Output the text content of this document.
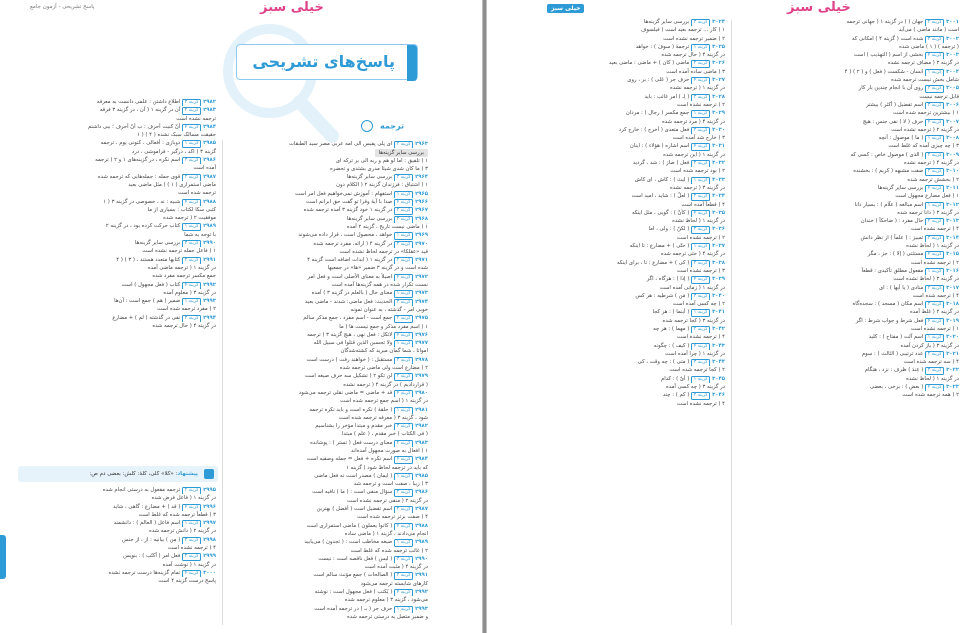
خیلی سبز
پاسخ تشریحی - آزمون جامع
پاسخ‌های تشریحی
ترجمه
۲۹۶۳گزینه ۲ای پلی پفیس الی امه عربی مصر سید الطبقات
بررسی سایر گزینه‌ها
۱ ( تلفیق : اما لو هم و ربه الی بر ترکه ای
۳ ( ما کان شدی شیئا مدری بشتدی و تحضره
۲۹۶۴گزینه ۳بررسی سایر گزینه‌ها
۱ ( اشتیاق : فرزندان گزینه ۲ ( الکلام دون
۲۹۶۵گزینه ۱استفهام : آموزش نمی‌خواهیم فعل امر است
۲۹۶۶گزینه ۴صدا با آیهٔ وقرا تو گفت حق ابرانم است
۲۹۶۷گزینه ۲در گزینه ۱ خود گزینه ۳ آمده ترجمه شده
۲۹۶۸گزینه ۳بررسی سایر گزینه‌ها
۱ ( ماضی نیست تاریخ ، گزینه ۲ آمده
۲۹۶۹گزینه ۱خواهد ، محصول است ، قرار داده می‌شوند
۲۹۷۰گزینه ۳در گزینه ۴ ( ارائه، مفرد ترجمه شده
قید «عقلکا» در ترجمه لحاظ نشده است
۲۹۷۱گزینه ۲در گزینه ۱ ( ابدات اضافه است گزینه ۴
شده است و در گزینه ۳ ضمیر «ها» در جمعیها
۲۹۷۲گزینه ۴اصیلاً به معنای الأصلی است و فعل امر
نسبت تکرار شده در همه گزینه‌ها آمده است
۲۹۷۳گزینه ۱معنای حال ( بالعلم در گزینه ۳ ) آمده
۲۹۷۴گزینه ۳الحدیث: فعل ماضی: شدند - ماضی بعید
خوبی امر - گذشته ، به عنوان نمونه
۲۹۷۵گزینه ۲جمع است - اسم مفرد ، جمع مذکر سالم
۱ ( اسم مفرد مذکر و جمع نیست ها ( ما
۲۹۷۶گزینه ۴لاتکل : فعل نهی ، هیچ گزینه ۳ ( ترجمه
۲۹۷۷گزینه ۱ولا تحسبن الذین قتلوا فی سبیل الله
امواتا ، شما گمان مبرید که کشته‌شدگان
۲۹۷۸گزینه ۳مستقبل : ( خواهند رفت ) درست است
۲ ( مضارع است ولی ماضی ترجمه شده
۲۹۷۹گزینه ۲لن تکو ۲ ( تشکیل سه حرف صیغه است
( قراردادیم ) در گزینه ۴ ( ترجمه نشده
۲۹۸۰گزینه ۴قد + ماضی = ماضی نقلی ترجمه می‌شود
در گزینه ۱ ( اسم جمع ترجمه شده است
۲۹۸۱گزینه ۱( حلقهٔ ) نکره است و باید نکره ترجمه
شود ، گزینه ۳ ( معرفه ترجمه شده است
۲۹۸۲گزینه ۳خبر مقدم و مبتدا مؤخر را بشناسیم
( فی الکتاب ) خبر مقدم ، ( علم ) مبتدا
۲۹۸۳گزینه ۲معنای درست فعل ( تستر ) : پوشانده
۱ ( افعال به صورت مجهول آمده‌اند
۲۹۸۴گزینه ۴اسم نکره + فعل = جمله وصفیه است
که باید در ترجمه لحاظ شود ( گزینه ۱
۲۹۸۵گزینه ۱( ایمان ) مصدر است نه فعل ماضی
۳ ( زیبا ، صفت است و ترجمه شد
۲۹۸۶گزینه ۳سؤال منفی است : ( ما ) نافیه است
در گزینه ۲ ( منفی ترجمه نشده است
۲۹۸۷گزینه ۲اسم تفضیل است ( أفضل ) بهترین
۴ ( صفت برتر ترجمه شده است
۲۹۸۸گزینه ۴( کانوا یعملون ) ماضی استمراری است
انجام می‌دادند ، گزینه ۱ ( ماضی ساده
۲۹۸۹گزینه ۱صیغه مخاطب است : ( تجدون ) می‌یابید
۲ ( غائب ترجمه شده که غلط است
۲۹۹۰گزینه ۳( لیس ) فعل ناقصه است : نیست
در گزینه ۴ ( مثبت آمده است
۲۹۹۱گزینه ۲( الصالحات ) جمع مؤنث سالم است
کارهای شایسته ترجمه می‌شود
۲۹۹۲گزینه ۴( یُکتب ) فعل مجهول است : نوشته
می‌شود ، گزینه ۳ ( معلوم ترجمه شده
۲۹۹۳گزینه ۱حرف جر ( بـ ) در ترجمه آمده است
و ضمیر متصل به درستی ترجمه شده
۲۹۸۲گزینه ۳اطلاع داشتن : علمی دانست به معرفه
۲۹۸۳گزینه ۲آن در گزینه ۱ ( آن ، در گزینه ۳ فرقه
ترجمه نشده است
۲۹۸۴گزینه ۴أنّ کنیت أحرف : ب أنّ أحرف ؛ ببی داشتم
حقیقت مسالک سبک نشده ( ۴ ) ( ۱
۲۹۸۵گزینه ۱دوبازی : أفعالی ، کنونی یوم ، ترجمه
گزینه ۳ ( اکد ، درگیر - فراموشی ، درد
۲۹۸۶گزینه ۳اسم نکره ، در گزینه‌های ۱ و ۲ ( ترجمه
آمده است
۲۹۸۷گزینه ۲قوی جمله : جمله‌هایی که ترجمه شده
ماضی استمراری ( ۱ ) ( مثل ماضی بعید
ترجمه شده است
۲۹۸۸گزینه ۴شبیه : نه ، خصوصی در گزینه ۳ ( ۱
کتبی سکا لکتاب : بسیاری از ما
موفقیت ۲ ( ترجمه شده
۲۹۸۹گزینه ۱کتاب حرکت کرده بود ، در گزینه ۲
با توجه به شما
۲۹۹۰گزینه ۳بررسی سایر گزینه‌ها
۱ ( فاعل جمله ترجمه نشده است
۲۹۹۱گزینه ۲کتابها متعدد هستند ، ( ۳ ) ( ۴
در گزینه ۱ ( ترجمه ماضی آمده
جمع مکسر ترجمه مفرد شده
۲۹۹۲گزینه ۴کتاب ( فعل مجهول ) است
در گزینه ۳ ( معلوم آمده
۲۹۹۳گزینه ۱ضمیر ( هم ) جمع است : آن‌ها
۲ ( مفرد ترجمه شده است
۲۹۹۴گزینه ۳نفی در گذشته ( لم ) + مضارع
در گزینه ۴ ( حال ترجمه شده
پیشنهاد: «کلا» کلی، کلهٔ: کلش: بعضی دم ص:
۲۹۹۵گزینه ۲ترجمه مفعول به درستی انجام شده
در گزینه ۱ ( فاعل فرض شده
۲۹۹۶گزینه ۴( قد ) + مضارع : گاهی ، شاید
۳ ( قطعاً ترجمه شده که غلط است
۲۹۹۷گزینه ۱اسم فاعل ( العالم ) : دانشمند
در گزینه ۲ ( دانش ترجمه شده
۲۹۹۸گزینه ۳( مِن ) بیانیه : از ، از جنس
۴ ( ترجمه نشده است
۲۹۹۹گزینه ۲فعل امر ( اُکتُب ) : بنویس
در گزینه ۱ ( نوشت آمده
۳۰۰۰گزینه ۴تمام گزینه‌ها درست ترجمه نشده
پاسخ درست گزینه ۴ است
خیلی سبز	خیلی سبز
۳۰۰۱گزینه ۲جهان ( ) در گزینه ۱ ( جهانی ترجمه
است ( مانند ماضی ) می‌آید
۳۰۰۲گزینه ۳شده است ( گزینه ۴ ) امکانی که
( ترجمه ) ( ۱ ) ماضی شده
۳۰۰۳گزینه ۴بخشی از اسم ( التهذیب ) است
در گزینه ۳ ( مضاف ترجمه نشده
۳۰۰۴گزینه ۱انسان - شکست ( فعل ) و ( ۲ ) ( ۴
شامل بخش نیست ترجمه شده
۳۰۰۵گزینه ۲روی آن با انجام چندین بار کار
قابل ترجمه نیست
۳۰۰۶گزینه ۳اسم تفضیل ( أکثر ) بیشتر
۱ ( بیشترین ترجمه شده است
۳۰۰۷گزینه ۴حرف ( لا ) نفی جنس : هیچ
در گزینه ۲ ( ترجمه نشده است
۳۰۰۸گزینه ۱( ما ) موصول : آنچه
۳ ( چه چیزی آمده که غلط است
۳۰۰۹گزینه ۲( الذی ) موصول خاص : کسی که
در گزینه ۴ ( ترجمه نشده
۳۰۱۰گزینه ۳صفت مشبهه ( کریم ) : بخشنده
۲ ( بخشش ترجمه شده
۳۰۱۱گزینه ۴بررسی سایر گزینه‌ها
۱ ( فعل مضارع مجهول است
۳۰۱۲گزینه ۱اسم مبالغه ( علّام ) : بسیار دانا
در گزینه ۳ ( دانا ترجمه شده
۳۰۱۳گزینه ۲حال مفرد : ( ضاحکاً ) خندان
۴ ( ترجمه نشده است
۳۰۱۴گزینه ۳تمییز : ( علماً ) از نظر دانش
در گزینه ۱ ( لحاظ نشده
۳۰۱۵گزینه ۴مستثنی ( إلا ) : جز ، مگر
۲ ( ترجمه نشده است
۳۰۱۶گزینه ۱مفعول مطلق تأکیدی : قطعاً
در گزینه ۳ ( لحاظ نشده است
۳۰۱۷گزینه ۲منادی ( یا أیها ) : ای
۴ ( ترجمه شده است
۳۰۱۸گزینه ۳اسم مکان ( مسجد ) : سجده‌گاه
در گزینه ۲ ( غلط آمده
۳۰۱۹گزینه ۴فعل شرط و جواب شرط : اگر
۱ ( ترجمه نشده است
۳۰۲۰گزینه ۱اسم آلت ( مفتاح ) : کلید
در گزینه ۳ ( باز کردن آمده
۳۰۲۱گزینه ۲عدد ترتیبی ( الثالث ) : سوم
۴ ( سه ترجمه شده است
۳۰۲۲گزینه ۳( عِندَ ) ظرف : نزد ، هنگام
در گزینه ۱ ( لحاظ نشده
۳۰۲۳گزینه ۴( بعض ) : برخی ، بعضی
۲ ( همه ترجمه شده است
۳۰۲۴گزینه ۳بررسی سایر گزینه‌ها
۱ ( کار ... ترجمه بعید است ( فیلسوف
۲ ( ضمیر ترجمه نشده است
۳۰۲۵گزینه ۱ترجمهٔ ( سوفَ ) : خواهد
در گزینه ۴ ( حال ترجمه شده
۳۰۲۶گزینه ۲ماضی ( کان ) + ماضی : ماضی بعید
۳ ( ماضی ساده آمده است
۳۰۲۷گزینه ۴حرف جر ( عَلی ) : بر ، روی
در گزینه ۱ ( ترجمه نشده
۳۰۲۸گزینه ۳( لِـ ) امر غائب : باید
۲ ( ترجمه نشده است
۳۰۲۹گزینه ۱جمع مکسر ( رجال ) : مردان
در گزینه ۴ ( مرد ترجمه شده
۳۰۳۰گزینه ۲فعل متعدی ( أخرج ) : خارج کرد
۳ ( خارج شد آمده است
۳۰۳۱گزینه ۴اسم اشاره ( هؤلاء ) : اینان
در گزینه ۱ ( این ترجمه شده
۳۰۳۲گزینه ۳فعل ( صارَ ) : شد ، گردید
۲ ( بود ترجمه شده است
۳۰۳۳گزینه ۱( لیتَ ) : کاش ، ای کاش
در گزینه ۳ ( ترجمه نشده
۳۰۳۴گزینه ۲( لعلّ ) : شاید ، امید است
۴ ( قطعاً آمده است
۳۰۳۵گزینه ۴( کأنّ ) : گویی ، مثل اینکه
در گزینه ۱ ( لحاظ نشده
۳۰۳۶گزینه ۳( لکنّ ) : ولی ، اما
۲ ( ترجمه نشده است
۳۰۳۷گزینه ۱( حتّی ) + مضارع : تا اینکه
در گزینه ۴ ( حتی ترجمه شده
۳۰۳۸گزینه ۲( کی ) + مضارع : تا ، برای اینکه
۳ ( ترجمه نشده است
۳۰۳۹گزینه ۴( إذا ) : هرگاه ، اگر
در گزینه ۱ ( زمانی آمده است
۳۰۴۰گزینه ۳( مَن ) شرطیه : هر کس
۲ ( چه کسی آمده است
۳۰۴۱گزینه ۱( أینما ) : هر کجا
در گزینه ۳ ( کجا ترجمه شده
۳۰۴۲گزینه ۲( مهما ) : هر چه
۴ ( ترجمه نشده است
۳۰۴۳گزینه ۴( کیف ) : چگونه
در گزینه ۱ ( چرا آمده است
۳۰۴۴گزینه ۳( متی ) : چه وقت ، کی
۲ ( کجا ترجمه شده است
۳۰۴۵گزینه ۱( أیّ ) : کدام
در گزینه ۳ ( چه کسی آمده
۳۰۴۶گزینه ۲( کم ) : چند
۴ ( ترجمه نشده است
